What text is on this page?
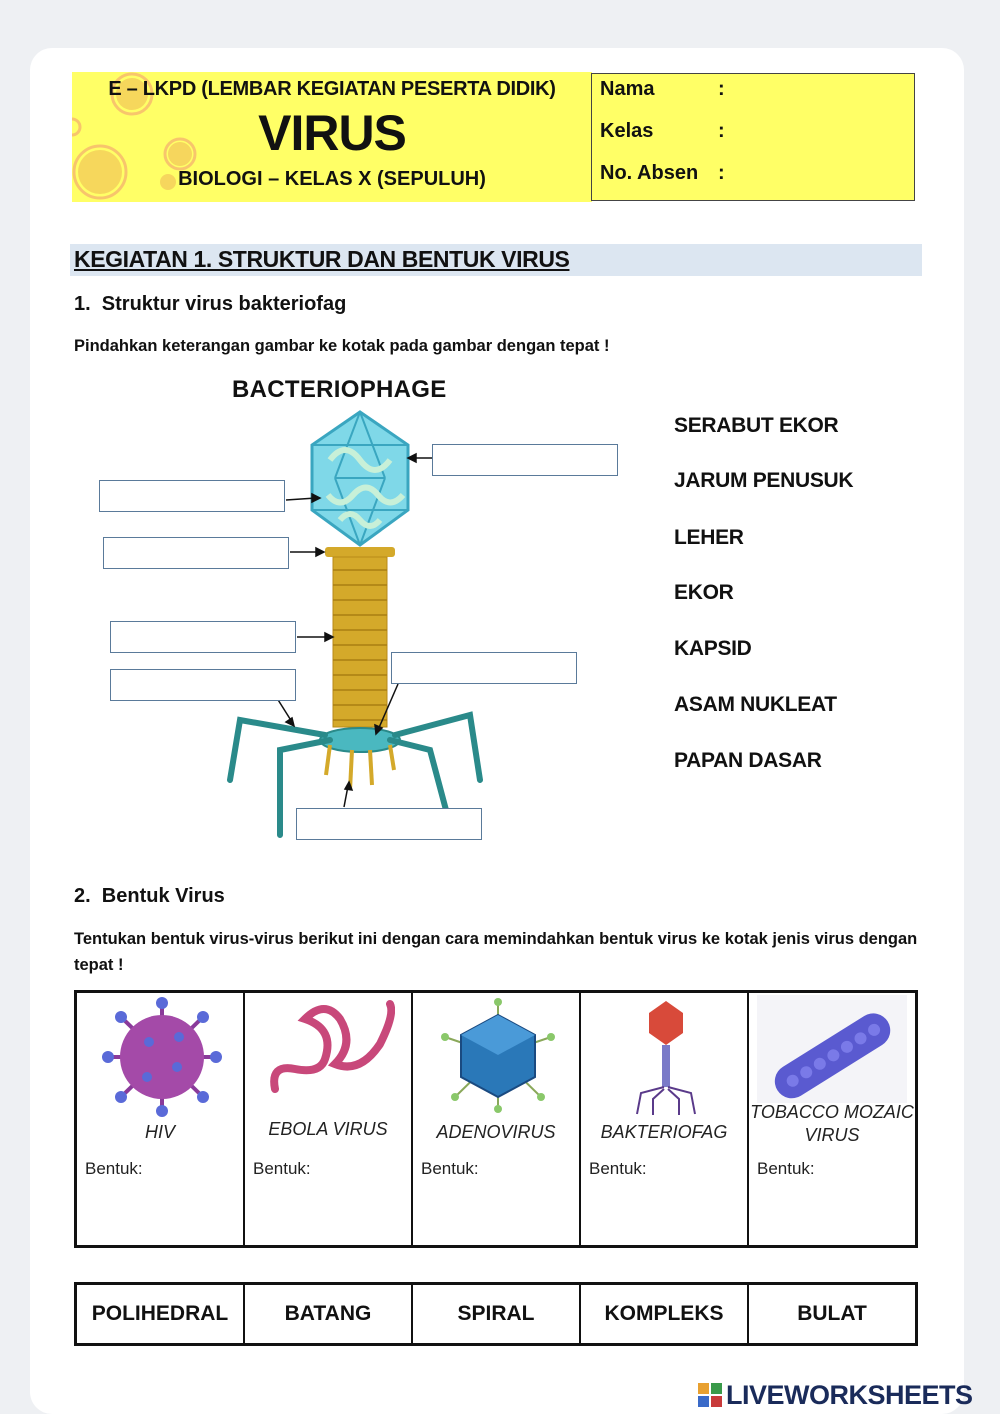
E – LKPD (LEMBAR KEGIATAN PESERTA DIDIK)
VIRUS
BIOLOGI – KELAS X (SEPULUH)
Nama	:
Kelas	:
No. Absen :
KEGIATAN 1. STRUKTUR DAN BENTUK VIRUS
1.  Struktur virus bakteriofag
Pindahkan keterangan gambar ke kotak pada gambar dengan tepat !
BACTERIOPHAGE
SERABUT EKOR
JARUM PENUSUK
LEHER
EKOR
KAPSID
ASAM NUKLEAT
PAPAN DASAR
2.  Bentuk Virus
Tentukan bentuk virus-virus berikut ini dengan cara memindahkan bentuk virus ke kotak jenis virus dengan tepat !
HIV
Bentuk:
EBOLA VIRUS
Bentuk:
ADENOVIRUS
Bentuk:
BAKTERIOFAG
Bentuk:
TOBACCO MOZAIC VIRUS
Bentuk:
POLIHEDRAL	BATANG	SPIRAL	KOMPLEKS	BULAT
LIVEWORKSHEETS
